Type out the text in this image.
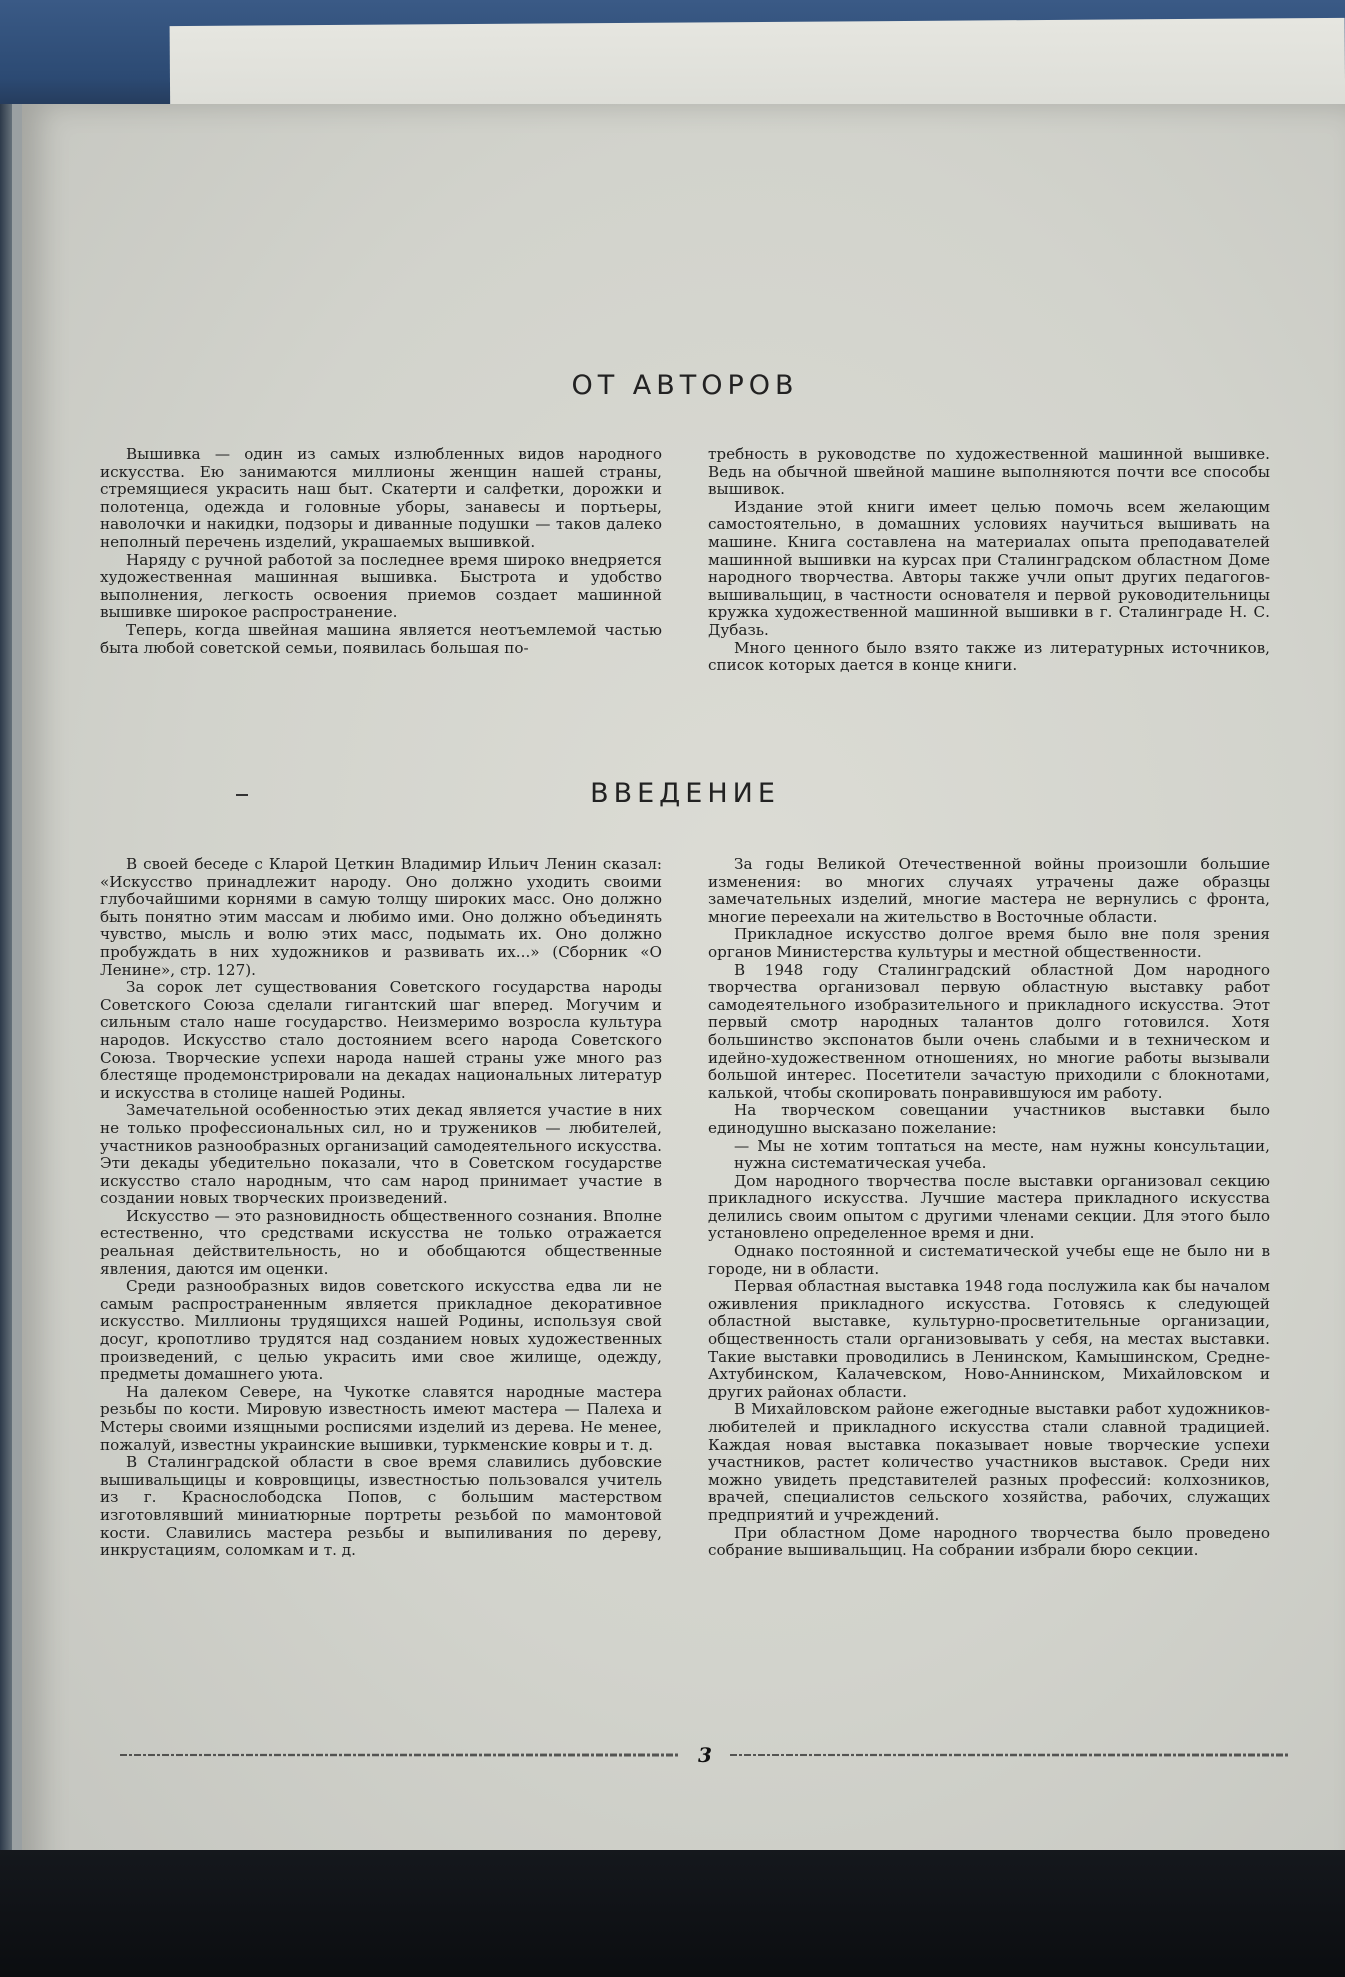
ОТ АВТОРОВ

Вышивка — один из самых излюбленных видов народного искусства. Ею занимаются миллионы женщин нашей страны, стремящиеся украсить наш быт. Скатерти и салфетки, дорожки и полотенца, одежда и головные уборы, занавесы и портьеры, наволочки и накидки, подзоры и диванные подушки — таков далеко неполный перечень изделий, украшаемых вышивкой.

Наряду с ручной работой за последнее время широко внедряется художественная машинная вышивка. Быстрота и удобство выполнения, легкость освоения приемов создает машинной вышивке широкое распространение.

Теперь, когда швейная машина является неотъемлемой частью быта любой советской семьи, появилась большая по-

требность в руководстве по художественной машинной вышивке. Ведь на обычной швейной машине выполняются почти все способы вышивок.

Издание этой книги имеет целью помочь всем желающим самостоятельно, в домашних условиях научиться вышивать на машине. Книга составлена на материалах опыта преподавателей машинной вышивки на курсах при Сталинградском областном Доме народного творчества. Авторы также учли опыт других педагогов-вышивальщиц, в частности основателя и первой руководительницы кружка художественной машинной вышивки в г. Сталинграде Н. С. Дубазь.

Много ценного было взято также из литературных источников, список которых дается в конце книги.

ВВЕДЕНИЕ

В своей беседе с Кларой Цеткин Владимир Ильич Ленин сказал: «Искусство принадлежит народу. Оно должно уходить своими глубочайшими корнями в самую толщу широких масс. Оно должно быть понятно этим массам и любимо ими. Оно должно объединять чувство, мысль и волю этих масс, подымать их. Оно должно пробуждать в них художников и развивать их...» (Сборник «О Ленине», стр. 127).

За сорок лет существования Советского государства народы Советского Союза сделали гигантский шаг вперед. Могучим и сильным стало наше государство. Неизмеримо возросла культура народов. Искусство стало достоянием всего народа Советского Союза. Творческие успехи народа нашей страны уже много раз блестяще продемонстрировали на декадах национальных литератур и искусства в столице нашей Родины.

Замечательной особенностью этих декад является участие в них не только профессиональных сил, но и тружеников — любителей, участников разнообразных организаций самодеятельного искусства. Эти декады убедительно показали, что в Советском государстве искусство стало народным, что сам народ принимает участие в создании новых творческих произведений.

Искусство — это разновидность общественного сознания. Вполне естественно, что средствами искусства не только отражается реальная действительность, но и обобщаются общественные явления, даются им оценки.

Среди разнообразных видов советского искусства едва ли не самым распространенным является прикладное декоративное искусство. Миллионы трудящихся нашей Родины, используя свой досуг, кропотливо трудятся над созданием новых художественных произведений, с целью украсить ими свое жилище, одежду, предметы домашнего уюта.

На далеком Севере, на Чукотке славятся народные мастера резьбы по кости. Мировую известность имеют мастера — Палеха и Мстеры своими изящными росписями изделий из дерева. Не менее, пожалуй, известны украинские вышивки, туркменские ковры и т. д.

В Сталинградской области в свое время славились дубовские вышивальщицы и ковровщицы, известностью пользовался учитель из г. Краснослободска Попов, с большим мастерством изготовлявший миниатюрные портреты резьбой по мамонтовой кости. Славились мастера резьбы и выпиливания по дереву, инкрустациям, соломкам и т. д.

За годы Великой Отечественной войны произошли большие изменения: во многих случаях утрачены даже образцы замечательных изделий, многие мастера не вернулись с фронта, многие переехали на жительство в Восточные области.

Прикладное искусство долгое время было вне поля зрения органов Министерства культуры и местной общественности.

В 1948 году Сталинградский областной Дом народного творчества организовал первую областную выставку работ самодеятельного изобразительного и прикладного искусства. Этот первый смотр народных талантов долго готовился. Хотя большинство экспонатов были очень слабыми и в техническом и идейно-художественном отношениях, но многие работы вызывали большой интерес. Посетители зачастую приходили с блокнотами, калькой, чтобы скопировать понравившуюся им работу.

На творческом совещании участников выставки было единодушно высказано пожелание:

— Мы не хотим топтаться на месте, нам нужны консультации, нужна систематическая учеба.

Дом народного творчества после выставки организовал секцию прикладного искусства. Лучшие мастера прикладного искусства делились своим опытом с другими членами секции. Для этого было установлено определенное время и дни.

Однако постоянной и систематической учебы еще не было ни в городе, ни в области.

Первая областная выставка 1948 года послужила как бы началом оживления прикладного искусства. Готовясь к следующей областной выставке, культурно-просветительные организации, общественность стали организовывать у себя, на местах выставки. Такие выставки проводились в Ленинском, Камышинском, Средне-Ахтубинском, Калачевском, Ново-Аннинском, Михайловском и других районах области.

В Михайловском районе ежегодные выставки работ художников-любителей и прикладного искусства стали славной традицией. Каждая новая выставка показывает новые творческие успехи участников, растет количество участников выставок. Среди них можно увидеть представителей разных профессий: колхозников, врачей, специалистов сельского хозяйства, рабочих, служащих предприятий и учреждений.

При областном Доме народного творчества было проведено собрание вышивальщиц. На собрании избрали бюро секции.

3
